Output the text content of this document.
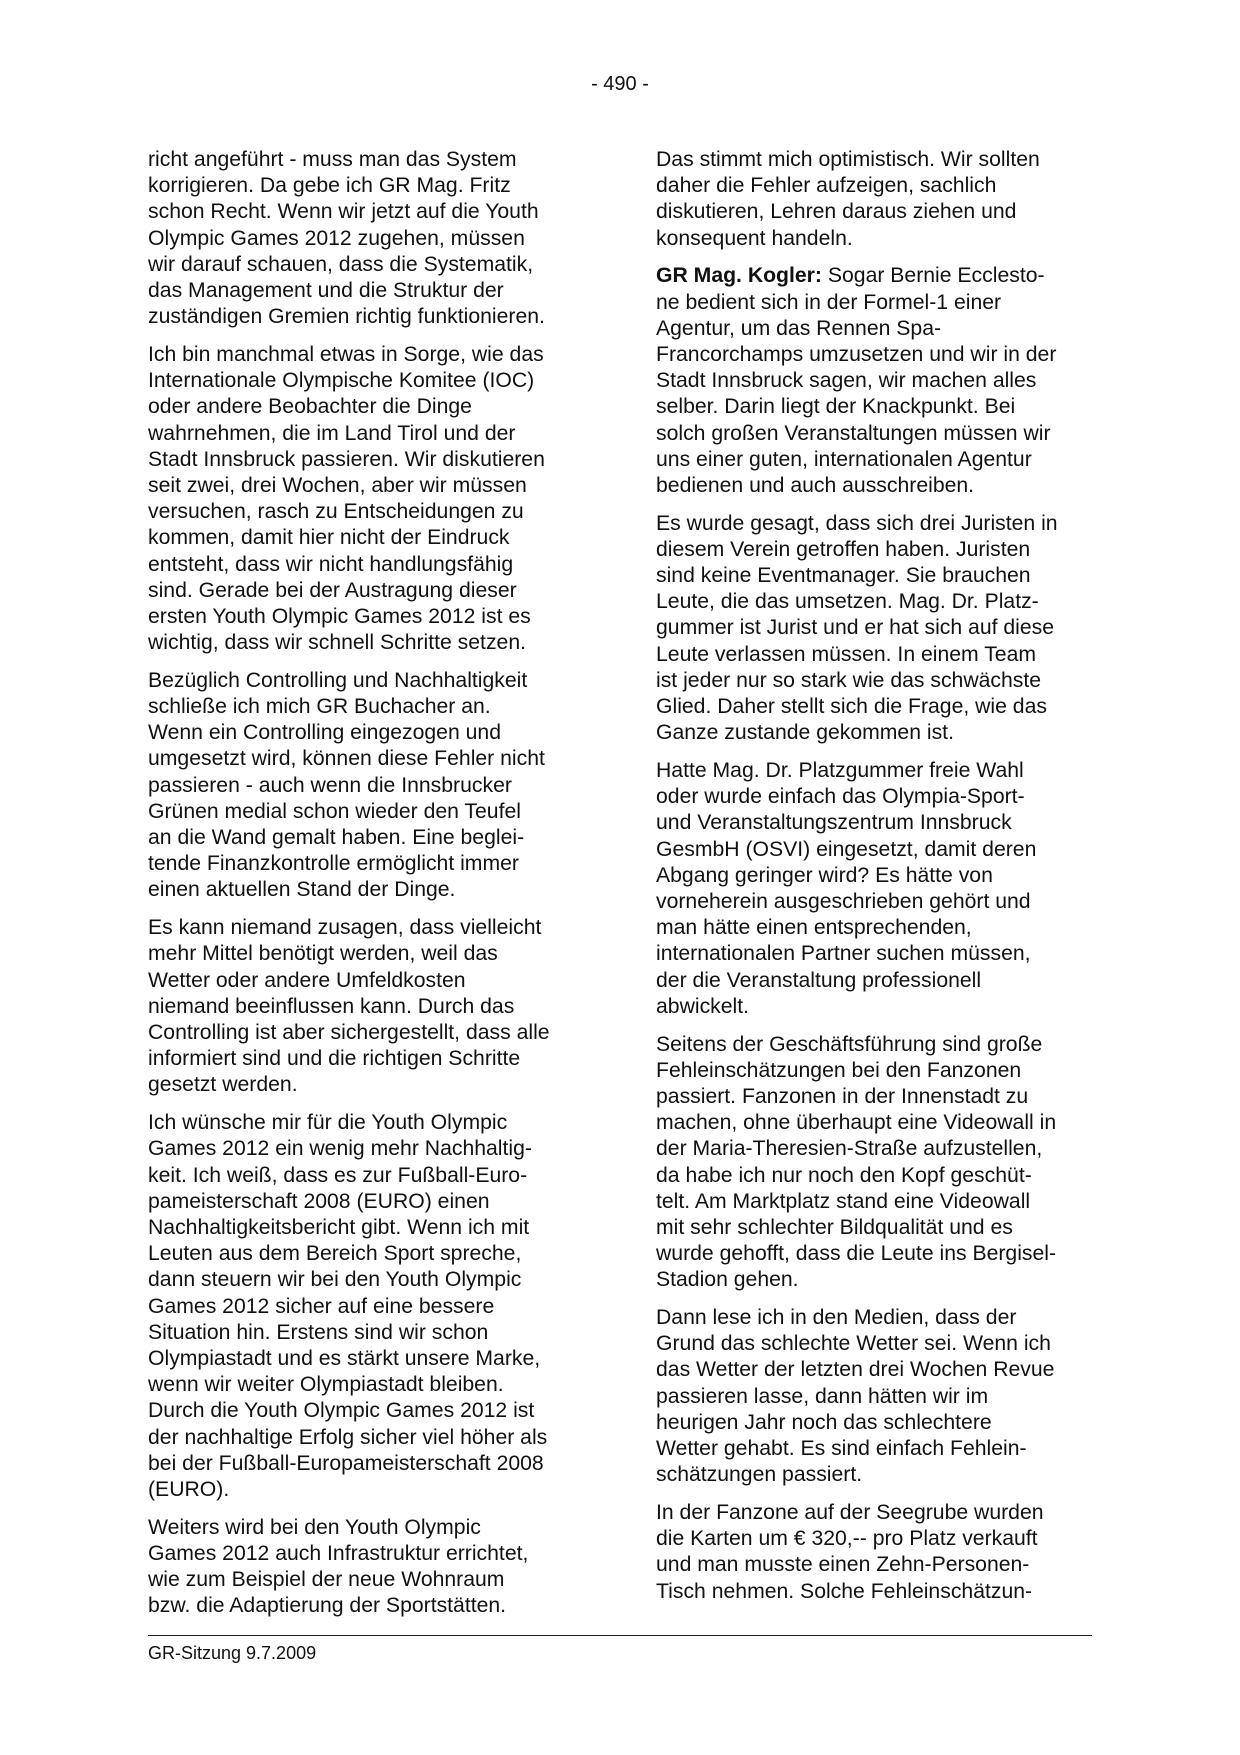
- 490 -
richt angeführt - muss man das System
korrigieren. Da gebe ich GR Mag. Fritz
schon Recht. Wenn wir jetzt auf die Youth
Olympic Games 2012 zugehen, müssen
wir darauf schauen, dass die Systematik,
das Management und die Struktur der
zuständigen Gremien richtig funktionieren.
Ich bin manchmal etwas in Sorge, wie das
Internationale Olympische Komitee (IOC)
oder andere Beobachter die Dinge
wahrnehmen, die im Land Tirol und der
Stadt Innsbruck passieren. Wir diskutieren
seit zwei, drei Wochen, aber wir müssen
versuchen, rasch zu Entscheidungen zu
kommen, damit hier nicht der Eindruck
entsteht, dass wir nicht handlungsfähig
sind. Gerade bei der Austragung dieser
ersten Youth Olympic Games 2012 ist es
wichtig, dass wir schnell Schritte setzen.
Bezüglich Controlling und Nachhaltigkeit
schließe ich mich GR Buchacher an.
Wenn ein Controlling eingezogen und
umgesetzt wird, können diese Fehler nicht
passieren - auch wenn die Innsbrucker
Grünen medial schon wieder den Teufel
an die Wand gemalt haben. Eine beglei-
tende Finanzkontrolle ermöglicht immer
einen aktuellen Stand der Dinge.
Es kann niemand zusagen, dass vielleicht
mehr Mittel benötigt werden, weil das
Wetter oder andere Umfeldkosten
niemand beeinflussen kann. Durch das
Controlling ist aber sichergestellt, dass alle
informiert sind und die richtigen Schritte
gesetzt werden.
Ich wünsche mir für die Youth Olympic
Games 2012 ein wenig mehr Nachhaltig-
keit. Ich weiß, dass es zur Fußball-Euro-
pameisterschaft 2008 (EURO) einen
Nachhaltigkeitsbericht gibt. Wenn ich mit
Leuten aus dem Bereich Sport spreche,
dann steuern wir bei den Youth Olympic
Games 2012 sicher auf eine bessere
Situation hin. Erstens sind wir schon
Olympiastadt und es stärkt unsere Marke,
wenn wir weiter Olympiastadt bleiben.
Durch die Youth Olympic Games 2012 ist
der nachhaltige Erfolg sicher viel höher als
bei der Fußball-Europameisterschaft 2008
(EURO).
Weiters wird bei den Youth Olympic
Games 2012 auch Infrastruktur errichtet,
wie zum Beispiel der neue Wohnraum
bzw. die Adaptierung der Sportstätten.
Das stimmt mich optimistisch. Wir sollten
daher die Fehler aufzeigen, sachlich
diskutieren, Lehren daraus ziehen und
konsequent handeln.
GR Mag. Kogler: Sogar Bernie Ecclesto-
ne bedient sich in der Formel-1 einer
Agentur, um das Rennen Spa-
Francorchamps umzusetzen und wir in der
Stadt Innsbruck sagen, wir machen alles
selber. Darin liegt der Knackpunkt. Bei
solch großen Veranstaltungen müssen wir
uns einer guten, internationalen Agentur
bedienen und auch ausschreiben.
Es wurde gesagt, dass sich drei Juristen in
diesem Verein getroffen haben. Juristen
sind keine Eventmanager. Sie brauchen
Leute, die das umsetzen. Mag. Dr. Platz-
gummer ist Jurist und er hat sich auf diese
Leute verlassen müssen. In einem Team
ist jeder nur so stark wie das schwächste
Glied. Daher stellt sich die Frage, wie das
Ganze zustande gekommen ist.
Hatte Mag. Dr. Platzgummer freie Wahl
oder wurde einfach das Olympia-Sport-
und Veranstaltungszentrum Innsbruck
GesmbH (OSVI) eingesetzt, damit deren
Abgang geringer wird? Es hätte von
vorneherein ausgeschrieben gehört und
man hätte einen entsprechenden,
internationalen Partner suchen müssen,
der die Veranstaltung professionell
abwickelt.
Seitens der Geschäftsführung sind große
Fehleinschätzungen bei den Fanzonen
passiert. Fanzonen in der Innenstadt zu
machen, ohne überhaupt eine Videowall in
der Maria-Theresien-Straße aufzustellen,
da habe ich nur noch den Kopf geschüt-
telt. Am Marktplatz stand eine Videowall
mit sehr schlechter Bildqualität und es
wurde gehofft, dass die Leute ins Bergisel-
Stadion gehen.
Dann lese ich in den Medien, dass der
Grund das schlechte Wetter sei. Wenn ich
das Wetter der letzten drei Wochen Revue
passieren lasse, dann hätten wir im
heurigen Jahr noch das schlechtere
Wetter gehabt. Es sind einfach Fehlein-
schätzungen passiert.
In der Fanzone auf der Seegrube wurden
die Karten um € 320,-- pro Platz verkauft
und man musste einen Zehn-Personen-
Tisch nehmen. Solche Fehleinschätzun-
GR-Sitzung 9.7.2009
